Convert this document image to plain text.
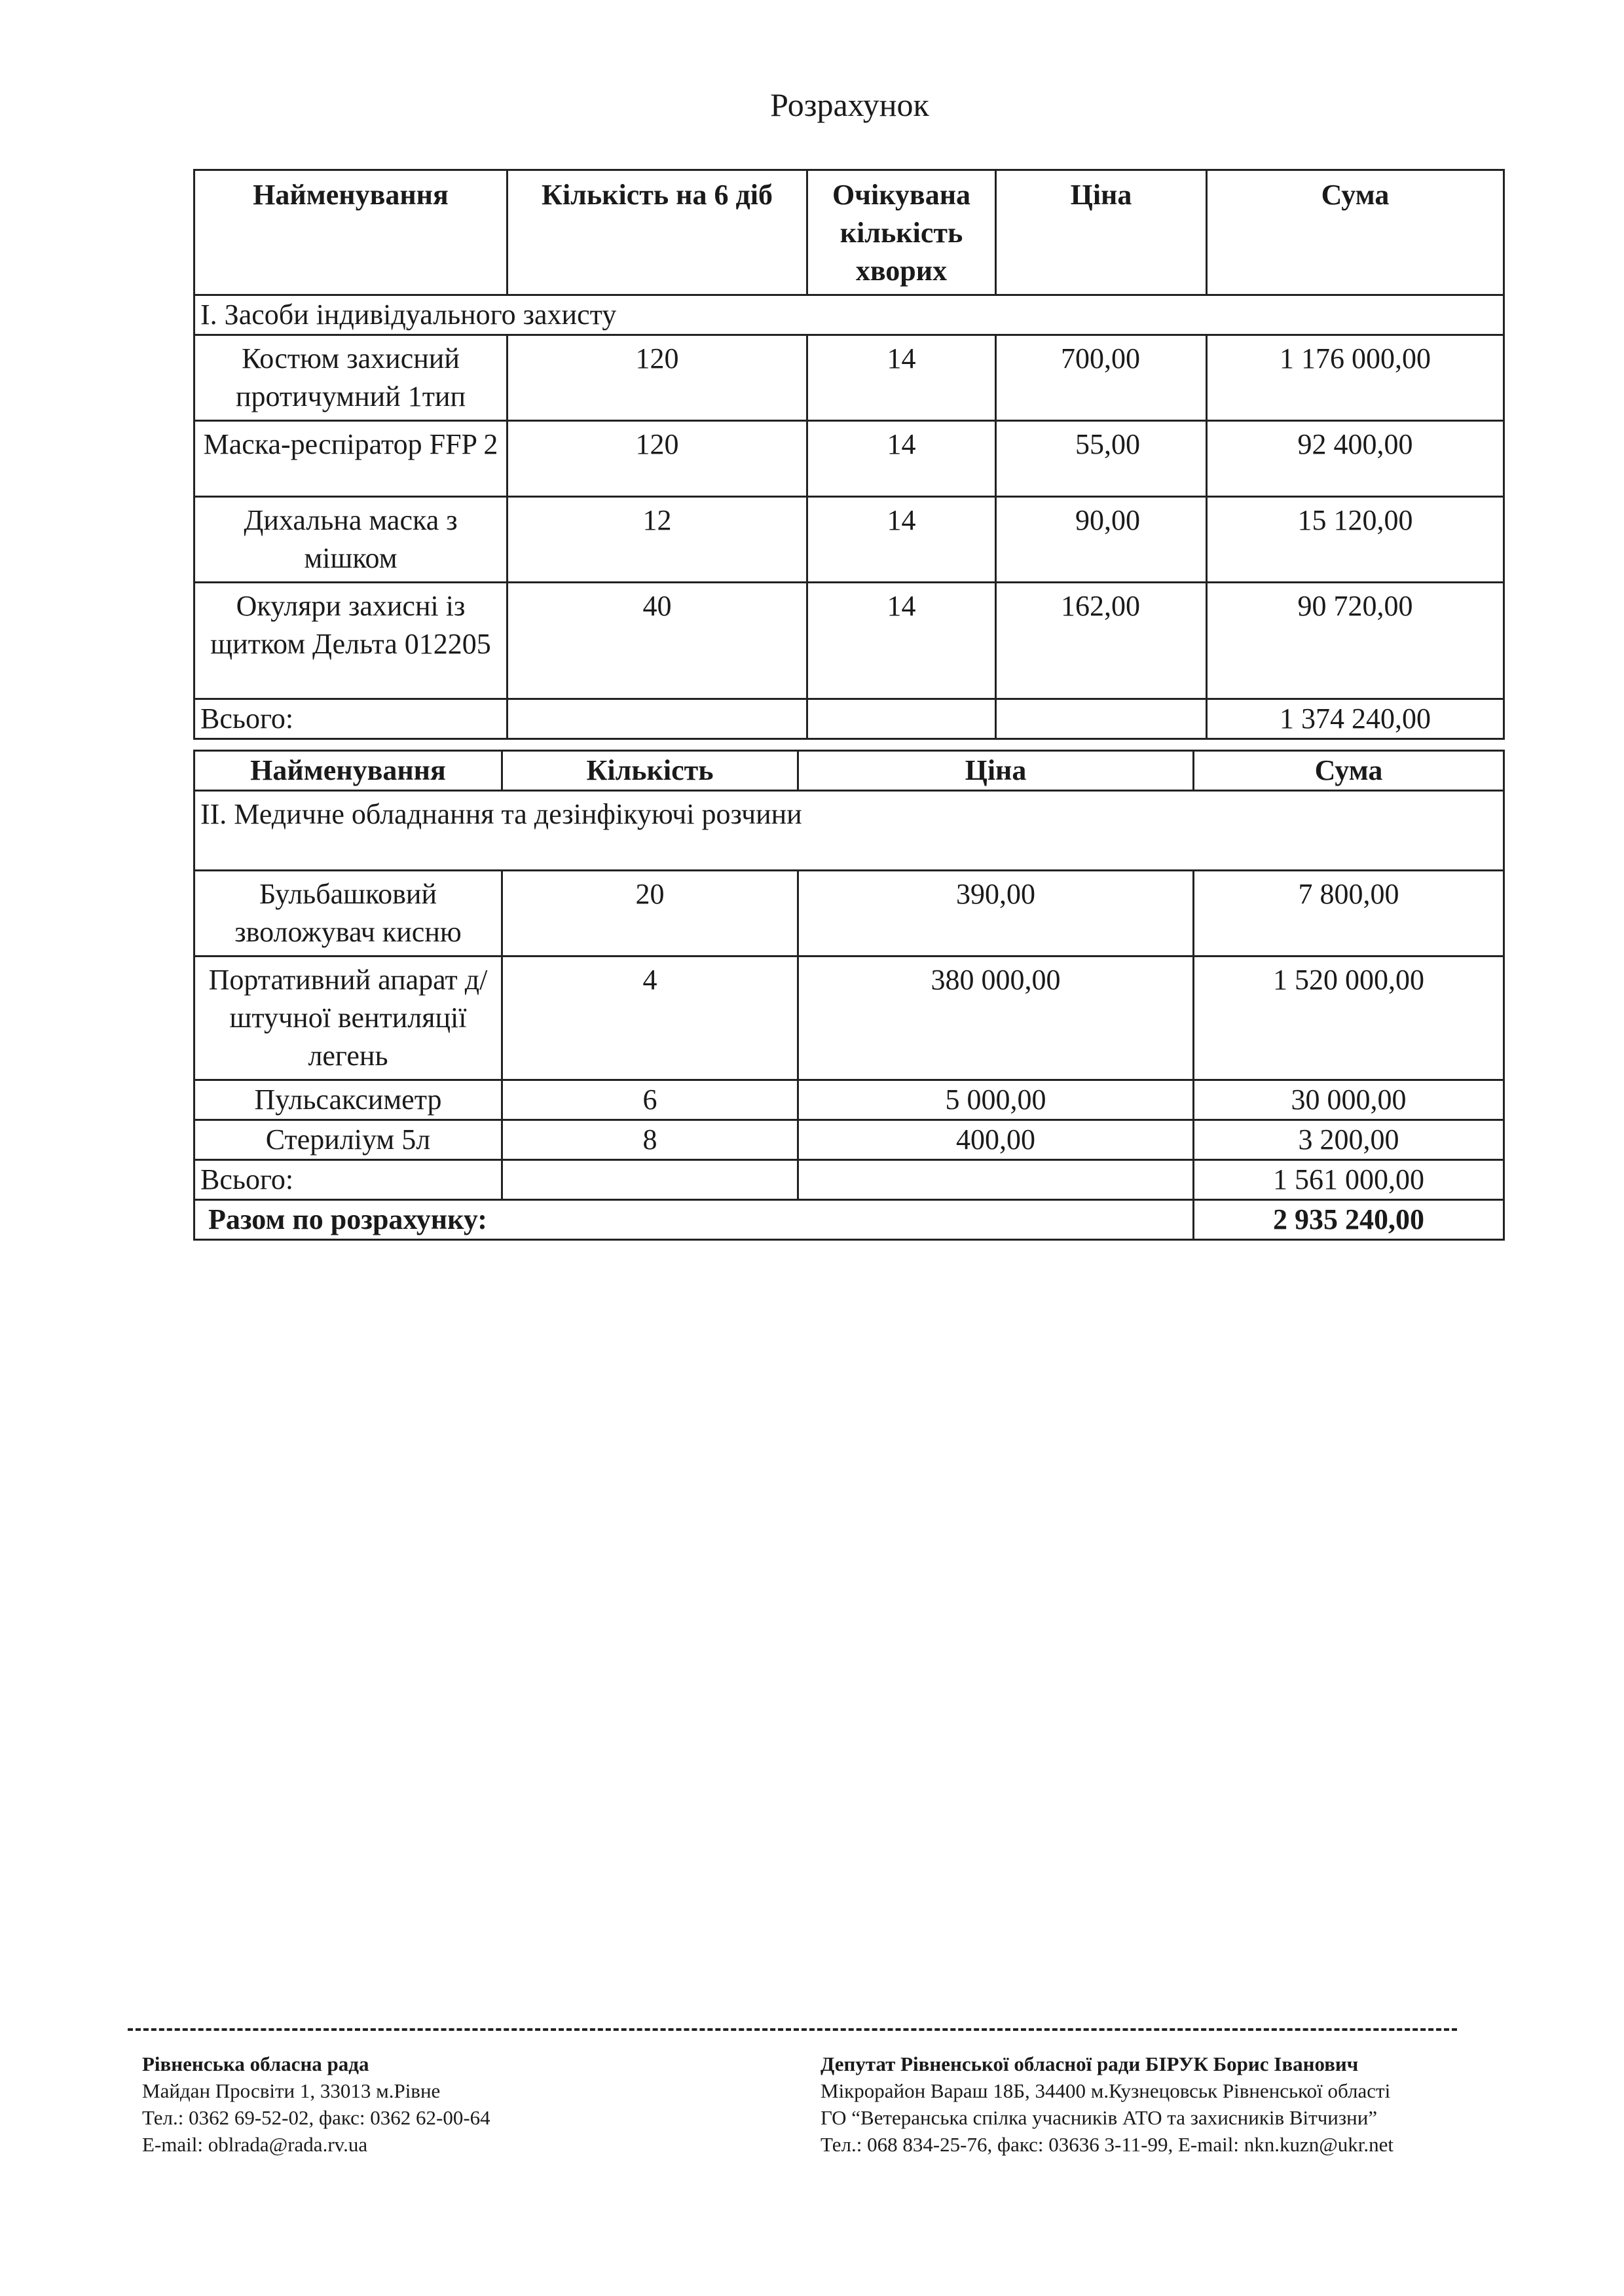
Розрахунок
Найменування	Кількість на 6 діб	Очікувана кількість хворих	Ціна	Сума
I. Засоби індивідуального захисту				
Костюм захисний протичумний 1тип	120	14	700,00	1 176 000,00
Маска-респіратор FFP 2	120	14	55,00	92 400,00
Дихальна маска з мішком	12	14	90,00	15 120,00
Окуляри захисні із щитком Дельта 012205	40	14	162,00	90 720,00
Всього:				1 374 240,00
Найменування	Кількість	Ціна	Сума
II. Медичне обладнання та дезінфікуючі розчини			
Бульбашковий зволожувач кисню	20	390,00	7 800,00
Портативний апарат д/штучної вентиляції легень	4	380 000,00	1 520 000,00
Пульсаксиметр	6	5 000,00	30 000,00
Стериліум 5л	8	400,00	3 200,00
Всього:			1 561 000,00
Разом по розрахунку:			2 935 240,00
Рівненська обласна рада
Майдан Просвіти 1, 33013 м.Рівне
Тел.: 0362 69-52-02, факс: 0362 62-00-64
E-mail: oblrada@rada.rv.ua
Депутат Рівненської обласної ради БІРУК Борис Іванович
Мікрорайон Вараш 18Б, 34400 м.Кузнецовськ Рівненської області
ГО “Ветеранська спілка учасників АТО та захисників Вітчизни”
Тел.: 068 834-25-76, факс: 03636 3-11-99, E-mail: nkn.kuzn@ukr.net
